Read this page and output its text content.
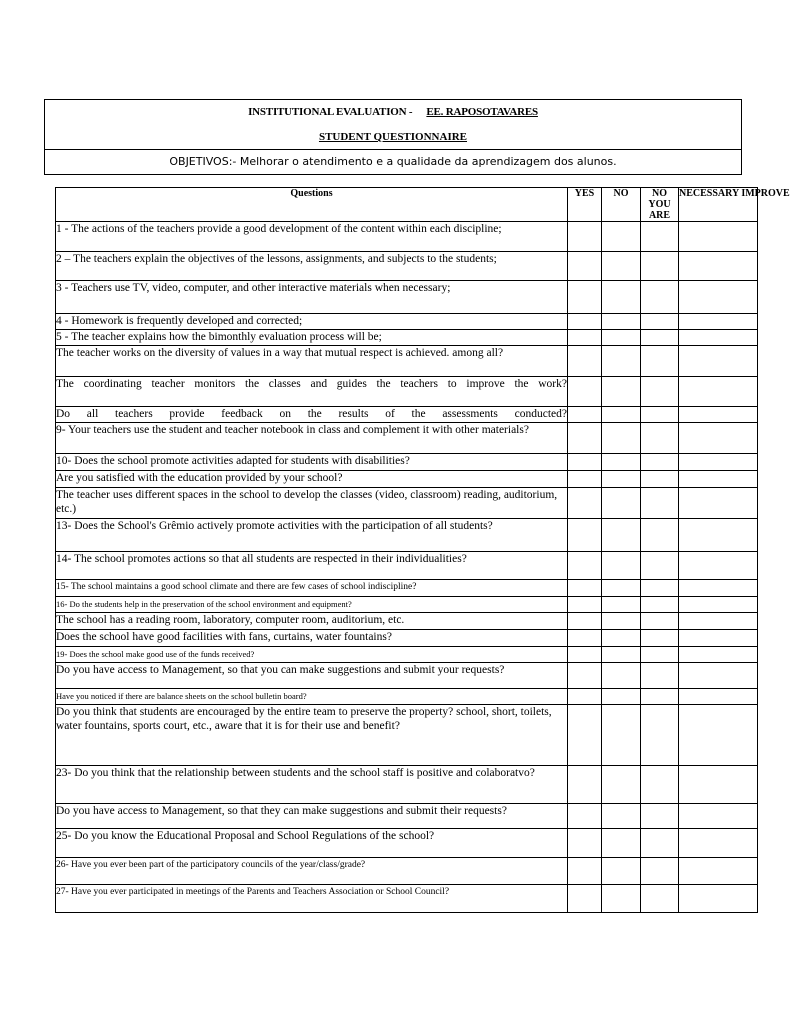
INSTITUTIONAL EVALUATION - EE. RAPOSOTAVARES
STUDENT QUESTIONNAIRE
OBJETIVOS:- Melhorar o atendimento e a qualidade da aprendizagem dos alunos.
Questions	YES	NO	NO YOU ARE	NECESSARY IMPROVE
1 - The actions of the teachers provide a good development of the content within each discipline;				
2 – The teachers explain the objectives of the lessons, assignments, and subjects to the students;				
3 - Teachers use TV, video, computer, and other interactive materials when necessary;				
4 - Homework is frequently developed and corrected;				
5 - The teacher explains how the bimonthly evaluation process will be;				
The teacher works on the diversity of values in a way that mutual respect is achieved. among all?				
The coordinating teacher monitors the classes and guides the teachers to improve the work?				
Do all teachers provide feedback on the results of the assessments conducted?				
9- Your teachers use the student and teacher notebook in class and complement it with other materials?				
10- Does the school promote activities adapted for students with disabilities?				
Are you satisfied with the education provided by your school?				
The teacher uses different spaces in the school to develop the classes (video, classroom) reading, auditorium, etc.)				
13- Does the School's Grêmio actively promote activities with the participation of all students?				
14- The school promotes actions so that all students are respected in their individualities?				
15- The school maintains a good school climate and there are few cases of school indiscipline?				
16- Do the students help in the preservation of the school environment and equipment?				
The school has a reading room, laboratory, computer room, auditorium, etc.				
Does the school have good facilities with fans, curtains, water fountains?				
19- Does the school make good use of the funds received?				
Do you have access to Management, so that you can make suggestions and submit your requests?				
Have you noticed if there are balance sheets on the school bulletin board?				
Do you think that students are encouraged by the entire team to preserve the property? school, short, toilets, water fountains, sports court, etc., aware that it is for their use and benefit?				
23- Do you think that the relationship between students and the school staff is positive and colaboratvo?				
Do you have access to Management, so that they can make suggestions and submit their requests?				
25- Do you know the Educational Proposal and School Regulations of the school?				
26- Have you ever been part of the participatory councils of the year/class/grade?				
27- Have you ever participated in meetings of the Parents and Teachers Association or School Council?				
